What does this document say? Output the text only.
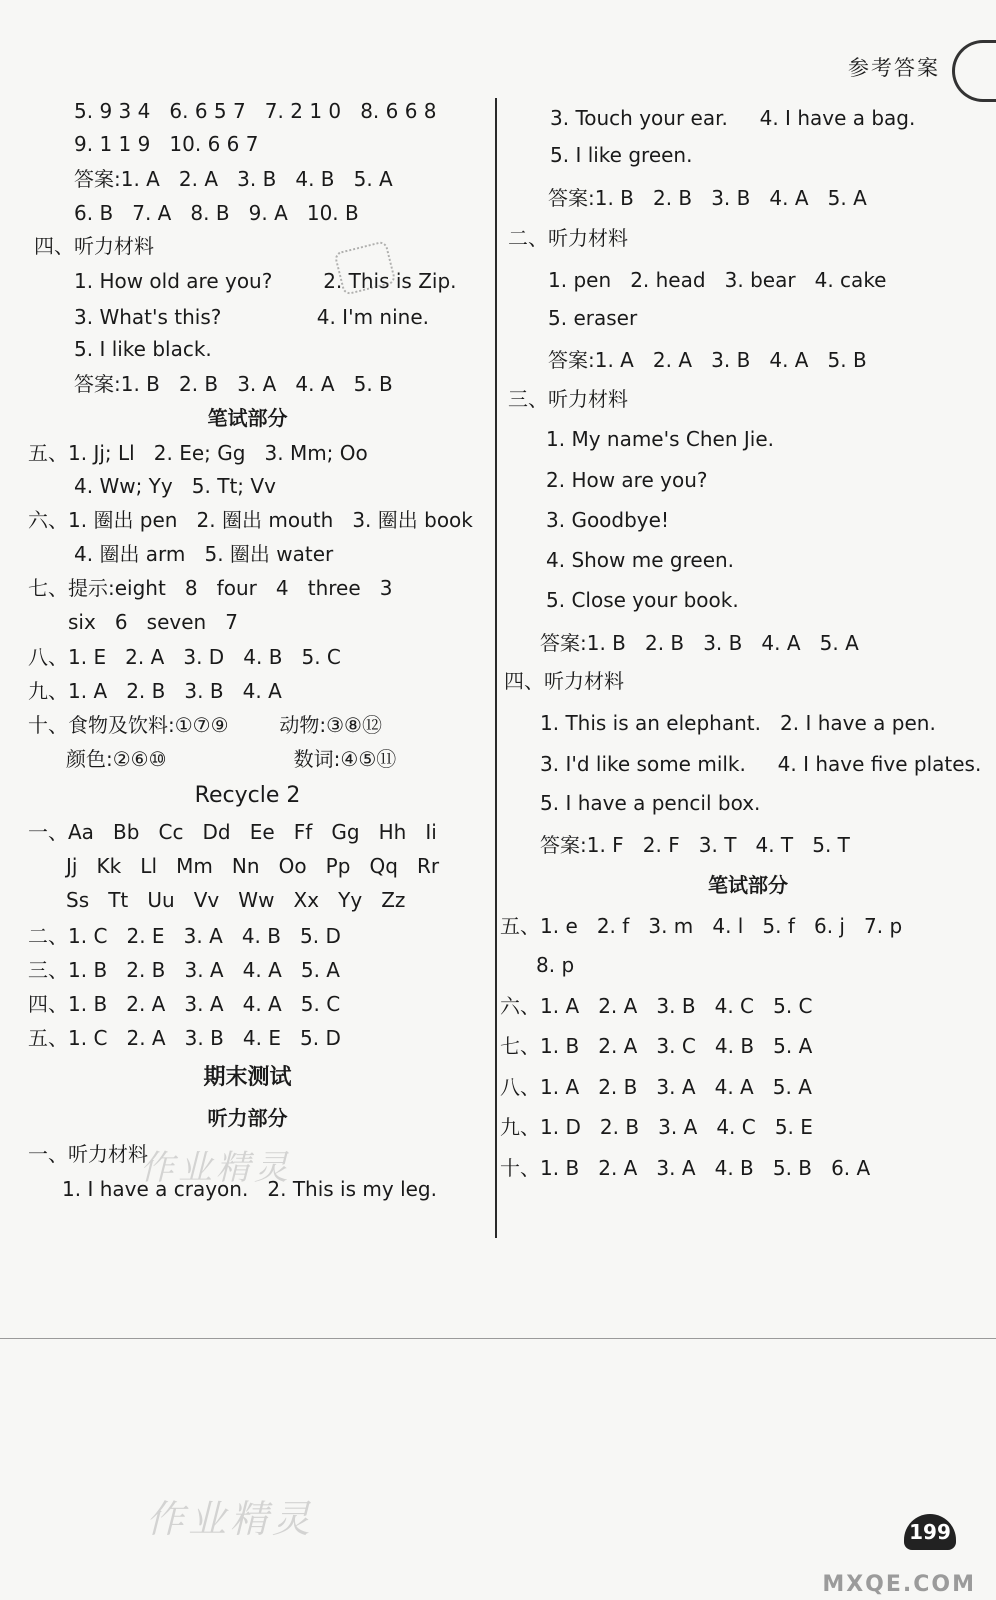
参考答案
5. 9 3 4   6. 6 5 7   7. 2 1 0   8. 6 6 8
9. 1 1 9   10. 6 6 7
答案:1. A   2. A   3. B   4. B   5. A
6. B   7. A   8. B   9. A   10. B
四、听力材料
1. How old are you?        2. This is Zip.
3. What's this?               4. I'm nine.
5. I like black.
答案:1. B   2. B   3. A   4. A   5. B
笔试部分
五、1. Jj; Ll   2. Ee; Gg   3. Mm; Oo
4. Ww; Yy   5. Tt; Vv
六、1. 圈出 pen   2. 圈出 mouth   3. 圈出 book
4. 圈出 arm   5. 圈出 water
七、提示:eight   8   four   4   three   3
six   6   seven   7
八、1. E   2. A   3. D   4. B   5. C
九、1. A   2. B   3. B   4. A
十、食物及饮料:①⑦⑨        动物:③⑧⑫
颜色:②⑥⑩                    数词:④⑤⑪
Recycle 2
一、Aa   Bb   Cc   Dd   Ee   Ff   Gg   Hh   Ii
Jj   Kk   Ll   Mm   Nn   Oo   Pp   Qq   Rr
Ss   Tt   Uu   Vv   Ww   Xx   Yy   Zz
二、1. C   2. E   3. A   4. B   5. D
三、1. B   2. B   3. A   4. A   5. A
四、1. B   2. A   3. A   4. A   5. C
五、1. C   2. A   3. B   4. E   5. D
期末测试
听力部分
一、听力材料
1. I have a crayon.   2. This is my leg.
3. Touch your ear.     4. I have a bag.
5. I like green.
答案:1. B   2. B   3. B   4. A   5. A
二、听力材料
1. pen   2. head   3. bear   4. cake
5. eraser
答案:1. A   2. A   3. B   4. A   5. B
三、听力材料
1. My name's Chen Jie.
2. How are you?
3. Goodbye!
4. Show me green.
5. Close your book.
答案:1. B   2. B   3. B   4. A   5. A
四、听力材料
1. This is an elephant.   2. I have a pen.
3. I'd like some milk.     4. I have five plates.
5. I have a pencil box.
答案:1. F   2. F   3. T   4. T   5. T
笔试部分
五、1. e   2. f   3. m   4. l   5. f   6. j   7. p
8. p
六、1. A   2. A   3. B   4. C   5. C
七、1. B   2. A   3. C   4. B   5. A
八、1. A   2. B   3. A   4. A   5. A
九、1. D   2. B   3. A   4. C   5. E
十、1. B   2. A   3. A   4. B   5. B   6. A
作业精灵
作业精灵
MXQE.COM
199
